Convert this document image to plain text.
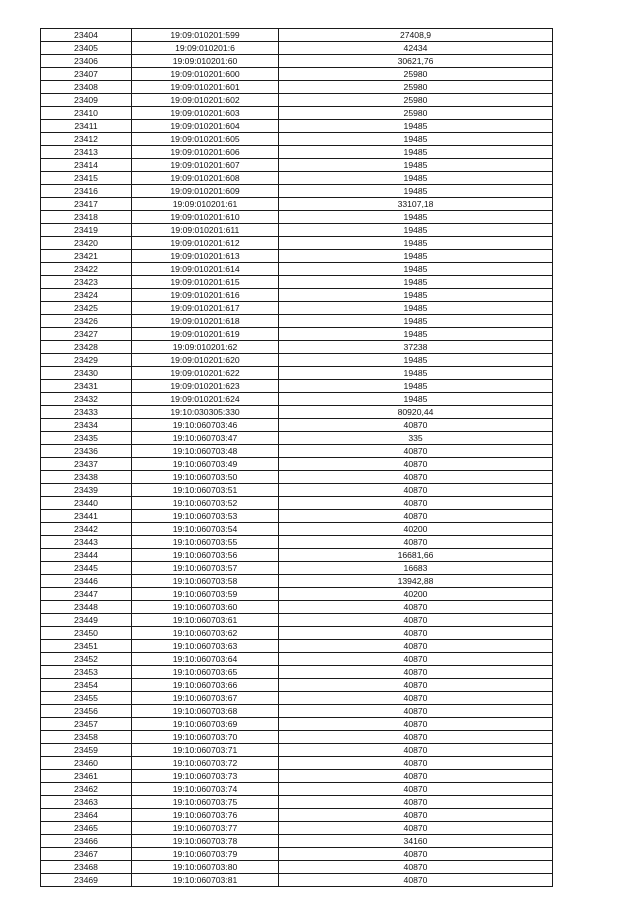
23404	19:09:010201:599	27408,9
23405	19:09:010201:6	42434
23406	19:09:010201:60	30621,76
23407	19:09:010201:600	25980
23408	19:09:010201:601	25980
23409	19:09:010201:602	25980
23410	19:09:010201:603	25980
23411	19:09:010201:604	19485
23412	19:09:010201:605	19485
23413	19:09:010201:606	19485
23414	19:09:010201:607	19485
23415	19:09:010201:608	19485
23416	19:09:010201:609	19485
23417	19:09:010201:61	33107,18
23418	19:09:010201:610	19485
23419	19:09:010201:611	19485
23420	19:09:010201:612	19485
23421	19:09:010201:613	19485
23422	19:09:010201:614	19485
23423	19:09:010201:615	19485
23424	19:09:010201:616	19485
23425	19:09:010201:617	19485
23426	19:09:010201:618	19485
23427	19:09:010201:619	19485
23428	19:09:010201:62	37238
23429	19:09:010201:620	19485
23430	19:09:010201:622	19485
23431	19:09:010201:623	19485
23432	19:09:010201:624	19485
23433	19:10:030305:330	80920,44
23434	19:10:060703:46	40870
23435	19:10:060703:47	335
23436	19:10:060703:48	40870
23437	19:10:060703:49	40870
23438	19:10:060703:50	40870
23439	19:10:060703:51	40870
23440	19:10:060703:52	40870
23441	19:10:060703:53	40870
23442	19:10:060703:54	40200
23443	19:10:060703:55	40870
23444	19:10:060703:56	16681,66
23445	19:10:060703:57	16683
23446	19:10:060703:58	13942,88
23447	19:10:060703:59	40200
23448	19:10:060703:60	40870
23449	19:10:060703:61	40870
23450	19:10:060703:62	40870
23451	19:10:060703:63	40870
23452	19:10:060703:64	40870
23453	19:10:060703:65	40870
23454	19:10:060703:66	40870
23455	19:10:060703:67	40870
23456	19:10:060703:68	40870
23457	19:10:060703:69	40870
23458	19:10:060703:70	40870
23459	19:10:060703:71	40870
23460	19:10:060703:72	40870
23461	19:10:060703:73	40870
23462	19:10:060703:74	40870
23463	19:10:060703:75	40870
23464	19:10:060703:76	40870
23465	19:10:060703:77	40870
23466	19:10:060703:78	34160
23467	19:10:060703:79	40870
23468	19:10:060703:80	40870
23469	19:10:060703:81	40870
